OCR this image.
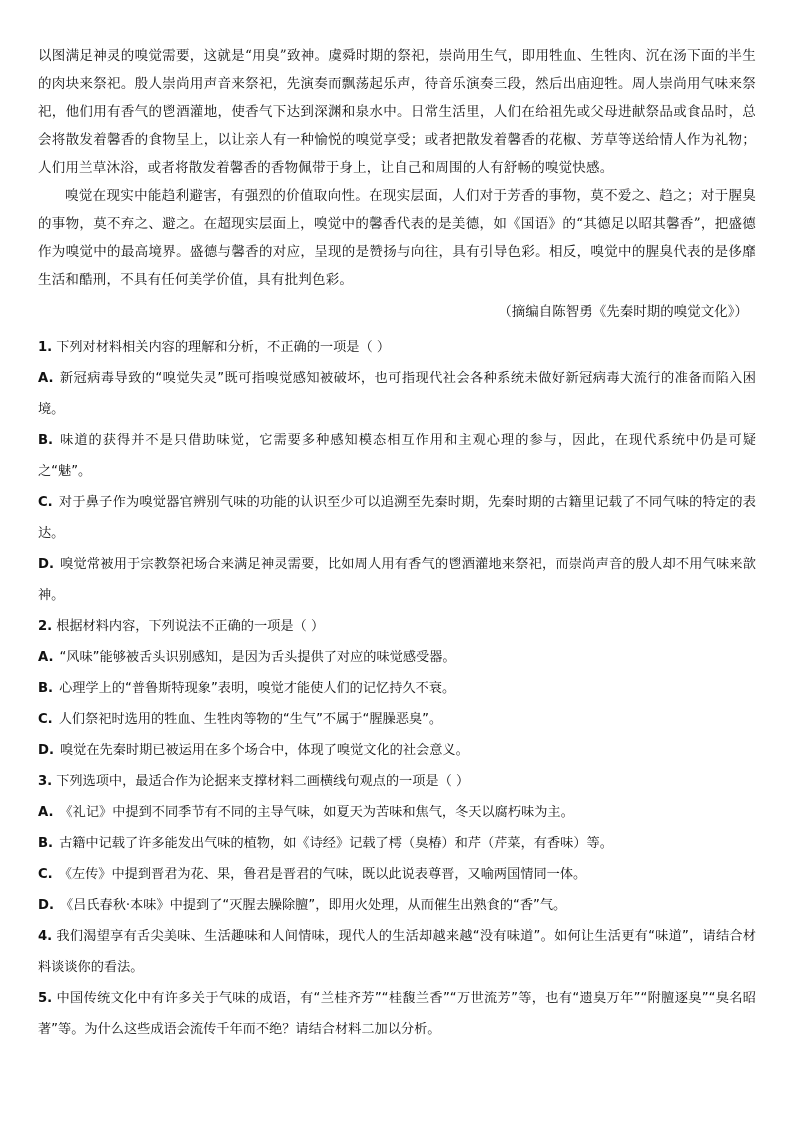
以图满足神灵的嗅觉需要，这就是“用臭”致神。虞舜时期的祭祀，崇尚用生气，即用牲血、生牲肉、沉在汤下面的半生的肉块来祭祀。殷人崇尚用声音来祭祀，先演奏而飘荡起乐声，待音乐演奏三段，然后出庙迎牲。周人崇尚用气味来祭祀，他们用有香气的鬯酒灌地，使香气下达到深渊和泉水中。日常生活里，人们在给祖先或父母进献祭品或食品时，总会将散发着馨香的食物呈上，以让亲人有一种愉悦的嗅觉享受；或者把散发着馨香的花椒、芳草等送给情人作为礼物；人们用兰草沐浴，或者将散发着馨香的香物佩带于身上，让自己和周围的人有舒畅的嗅觉快感。

嗅觉在现实中能趋利避害，有强烈的价值取向性。在现实层面，人们对于芳香的事物，莫不爱之、趋之；对于腥臭的事物，莫不弃之、避之。在超现实层面上，嗅觉中的馨香代表的是美德，如《国语》的“其德足以昭其馨香”，把盛德作为嗅觉中的最高境界。盛德与馨香的对应，呈现的是赞扬与向往，具有引导色彩。相反，嗅觉中的腥臭代表的是侈靡生活和酷刑，不具有任何美学价值，具有批判色彩。

（摘编自陈智勇《先秦时期的嗅觉文化》）

1. 下列对材料相关内容的理解和分析，不正确的一项是（ ）

A. 新冠病毒导致的“嗅觉失灵”既可指嗅觉感知被破坏，也可指现代社会各种系统未做好新冠病毒大流行的准备而陷入困境。

B. 味道的获得并不是只借助味觉，它需要多种感知模态相互作用和主观心理的参与，因此，在现代系统中仍是可疑之“魅”。

C. 对于鼻子作为嗅觉器官辨别气味的功能的认识至少可以追溯至先秦时期，先秦时期的古籍里记载了不同气味的特定的表达。

D. 嗅觉常被用于宗教祭祀场合来满足神灵需要，比如周人用有香气的鬯酒灌地来祭祀，而崇尚声音的殷人却不用气味来歆神。

2. 根据材料内容，下列说法不正确的一项是（ ）

A. “风味”能够被舌头识别感知，是因为舌头提供了对应的味觉感受器。

B. 心理学上的“普鲁斯特现象”表明，嗅觉才能使人们的记忆持久不衰。

C. 人们祭祀时选用的牲血、生牲肉等物的“生气”不属于“腥臊恶臭”。

D. 嗅觉在先秦时期已被运用在多个场合中，体现了嗅觉文化的社会意义。

3. 下列选项中，最适合作为论据来支撑材料二画横线句观点的一项是（ ）

A. 《礼记》中提到不同季节有不同的主导气味，如夏天为苦味和焦气，冬天以腐朽味为主。

B. 古籍中记载了许多能发出气味的植物，如《诗经》记载了樗（臭椿）和芹（芹菜，有香味）等。

C. 《左传》中提到晋君为花、果，鲁君是晋君的气味，既以此说表尊晋，又喻两国情同一体。

D. 《吕氏春秋·本味》中提到了“灭腥去臊除膻”，即用火处理，从而催生出熟食的“香”气。

4. 我们渴望享有舌尖美味、生活趣味和人间情味，现代人的生活却越来越“没有味道”。如何让生活更有“味道”，请结合材料谈谈你的看法。

5. 中国传统文化中有许多关于气味的成语，有“兰桂齐芳”“桂馥兰香”“万世流芳”等，也有“遗臭万年”“附膻逐臭”“臭名昭著”等。为什么这些成语会流传千年而不绝？请结合材料二加以分析。
